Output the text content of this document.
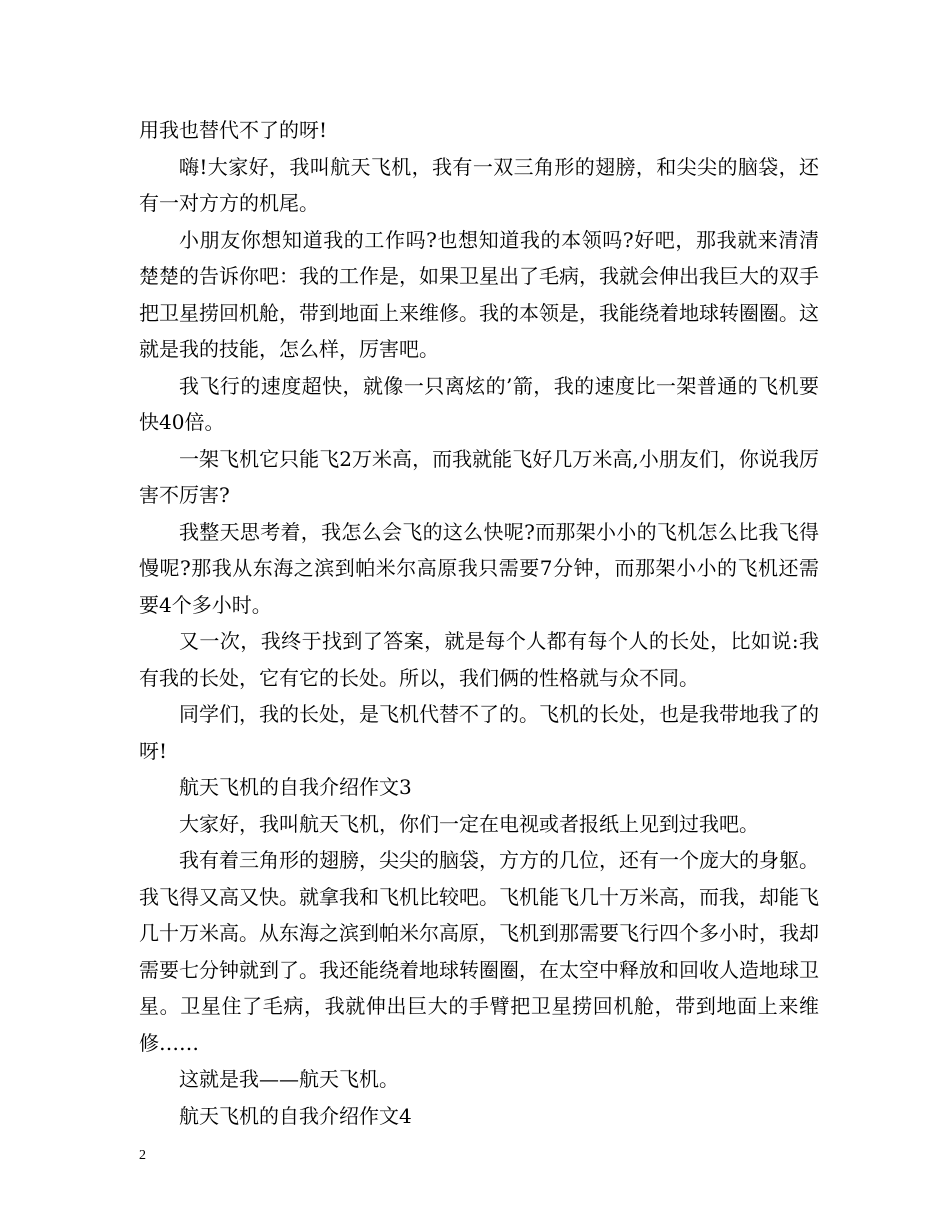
用我也替代不了的呀!

嗨!大家好，我叫航天飞机，我有一双三角形的翅膀，和尖尖的脑袋，还有一对方方的机尾。

小朋友你想知道我的工作吗?也想知道我的本领吗?好吧，那我就来清清楚楚的告诉你吧：我的工作是，如果卫星出了毛病，我就会伸出我巨大的双手把卫星捞回机舱，带到地面上来维修。我的本领是，我能绕着地球转圈圈。这就是我的技能，怎么样，厉害吧。

我飞行的速度超快，就像一只离炫的’箭，我的速度比一架普通的飞机要快40倍。

一架飞机它只能飞2万米高，而我就能飞好几万米高,小朋友们，你说我厉害不厉害?

我整天思考着，我怎么会飞的这么快呢?而那架小小的飞机怎么比我飞得慢呢?那我从东海之滨到帕米尔高原我只需要7分钟，而那架小小的飞机还需要4个多小时。

又一次，我终于找到了答案，就是每个人都有每个人的长处，比如说:我有我的长处，它有它的长处。所以，我们俩的性格就与众不同。

同学们，我的长处，是飞机代替不了的。飞机的长处，也是我带地我了的呀!

航天飞机的自我介绍作文3

大家好，我叫航天飞机，你们一定在电视或者报纸上见到过我吧。

我有着三角形的翅膀，尖尖的脑袋，方方的几位，还有一个庞大的身躯。我飞得又高又快。就拿我和飞机比较吧。飞机能飞几十万米高，而我，却能飞几十万米高。从东海之滨到帕米尔高原，飞机到那需要飞行四个多小时，我却需要七分钟就到了。我还能绕着地球转圈圈，在太空中释放和回收人造地球卫星。卫星住了毛病，我就伸出巨大的手臂把卫星捞回机舱，带到地面上来维修……

这就是我——航天飞机。

航天飞机的自我介绍作文4

2
